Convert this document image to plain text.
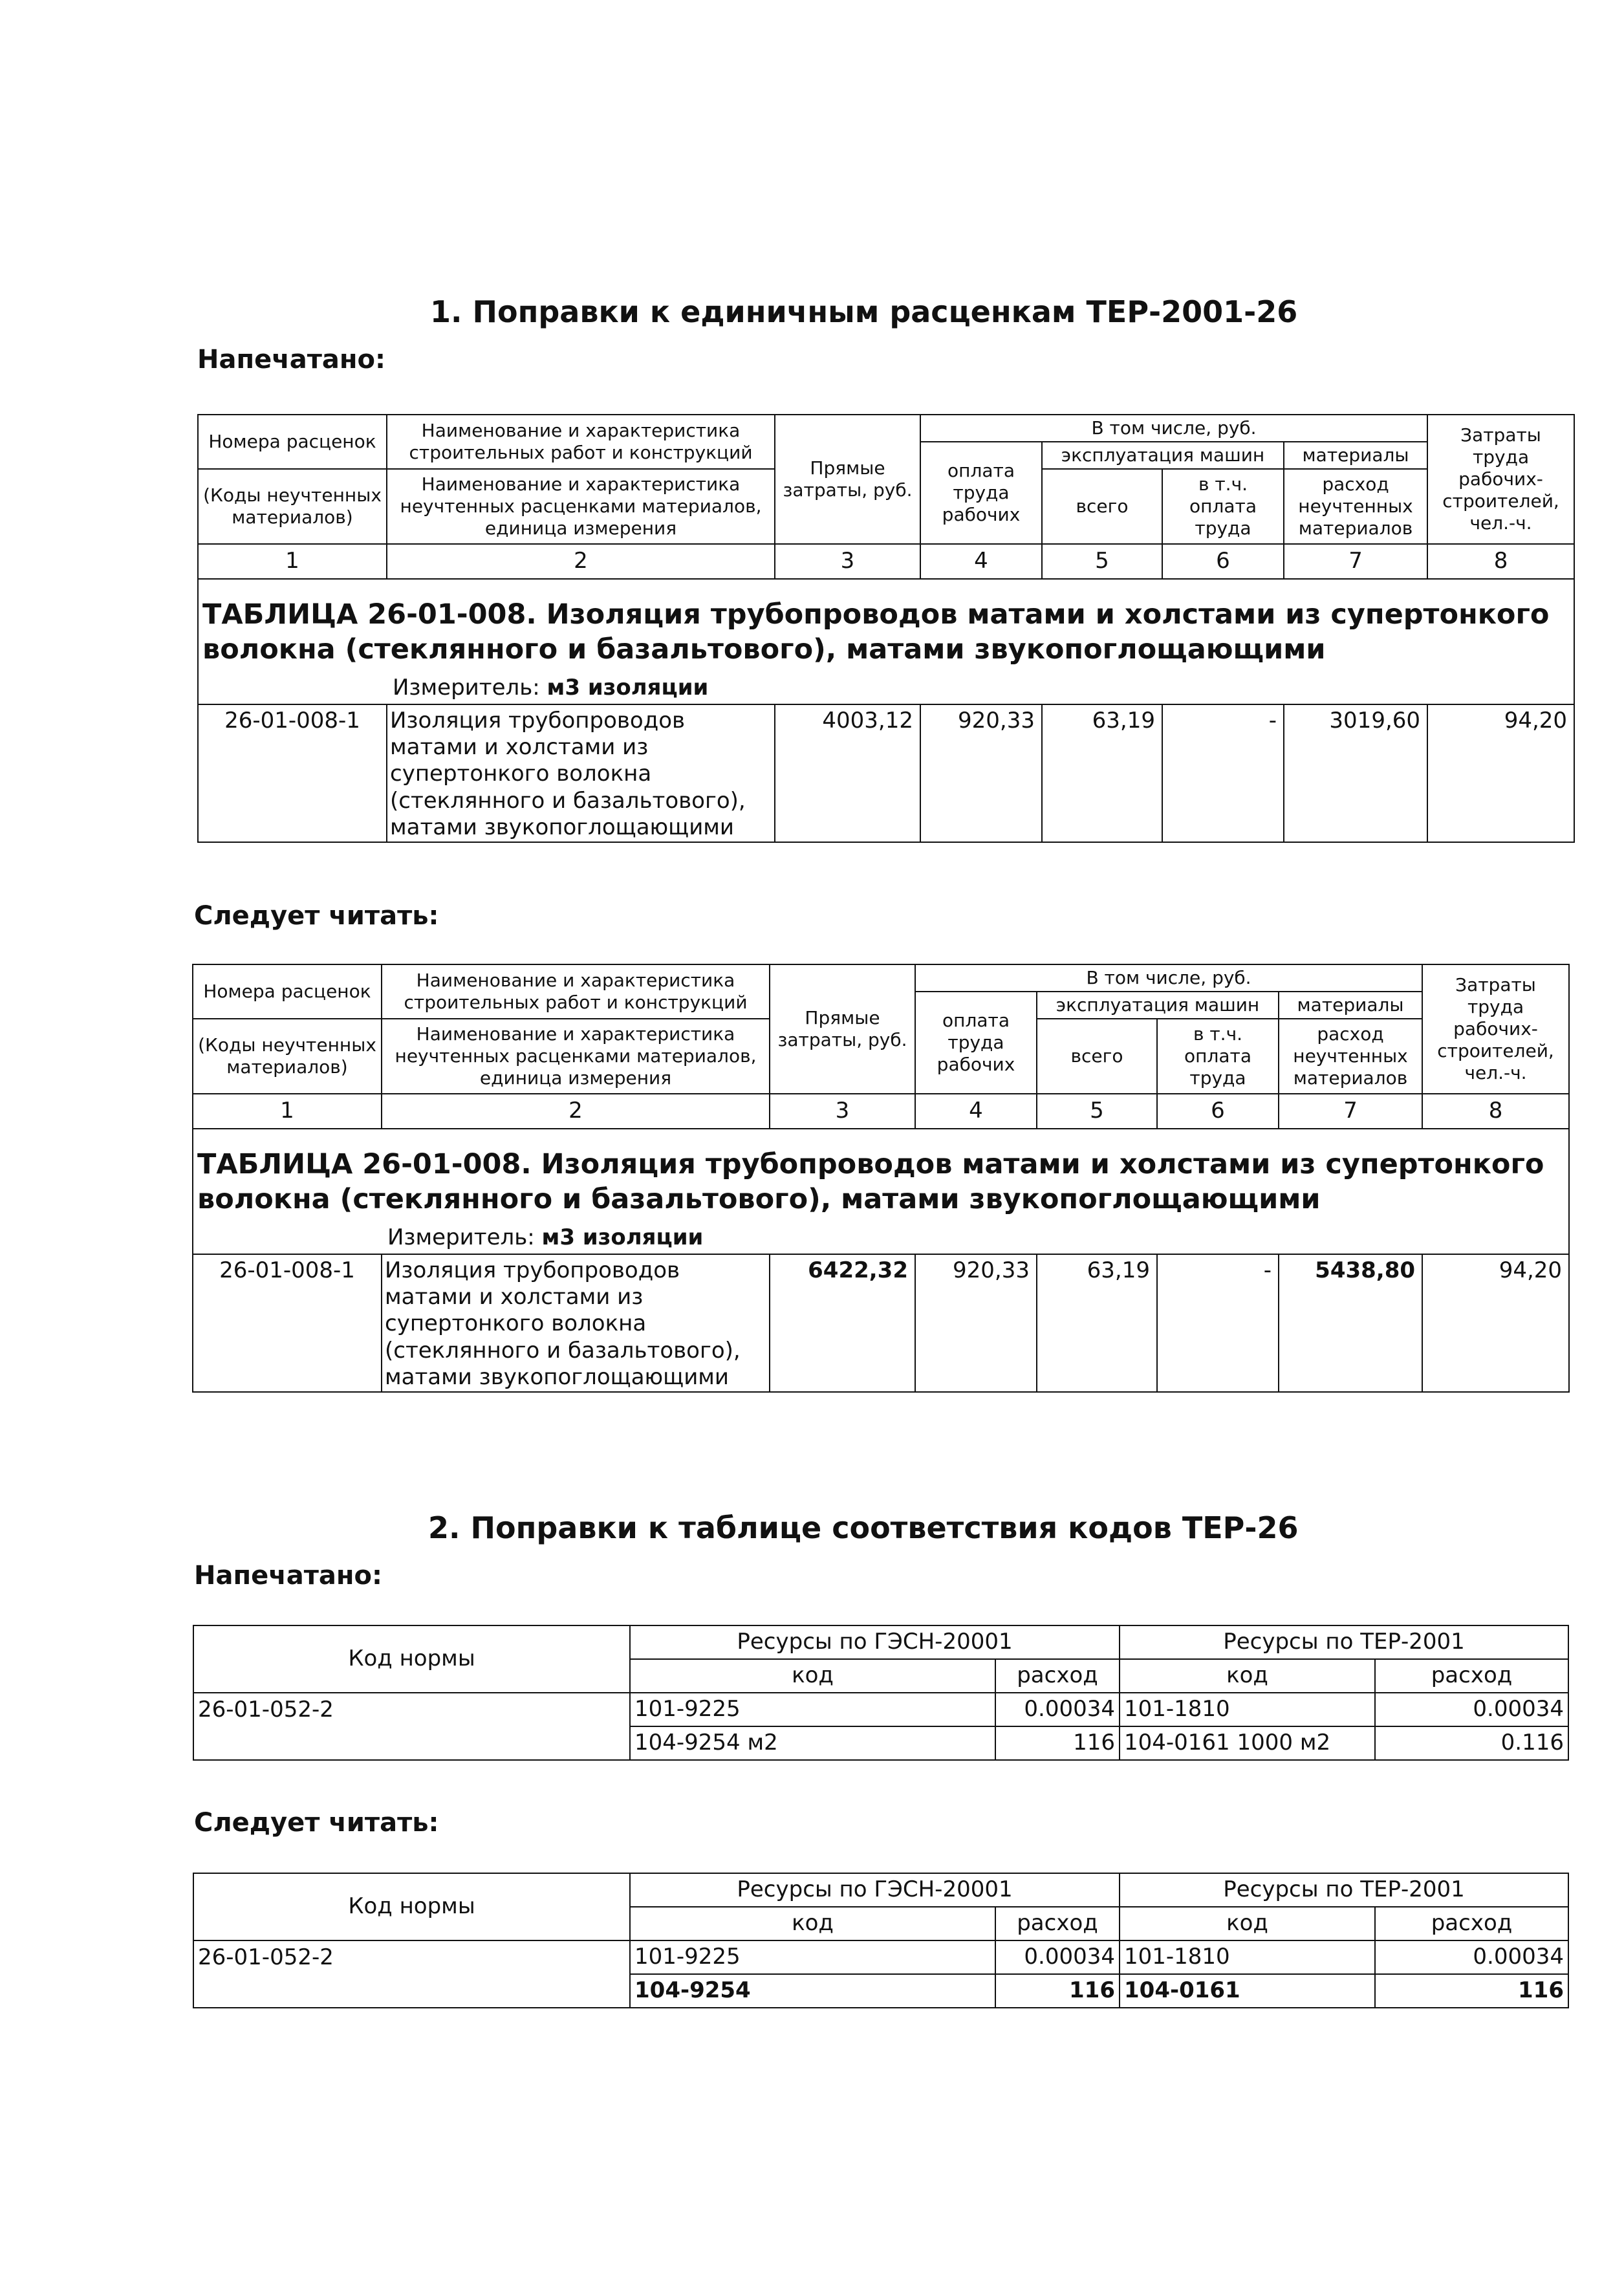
1. Поправки к единичным расценкам ТЕР-2001-26
Напечатано:
Номера расценок	Наименование и характеристика строительных работ и конструкций	Прямые затраты, руб.	В том числе, руб.				Затраты труда рабочих-строителей, чел.-ч.
			оплата труда рабочих	эксплуатация машин		материалы	
(Коды неучтенных материалов)	Наименование и характеристика неучтенных расценками материалов, единица измерения			всего	в т.ч. оплата труда	расход неучтенных материалов	

1	2	3	4	5	6	7	8
ТАБЛИЦА 26-01-008. Изоляция трубопроводов матами и холстами из супертонкого волокна (стеклянного и базальтового), матами звукопоглощающими							
Измеритель: м3 изоляции							
26-01-008-1	Изоляция трубопроводов матами и холстами из супертонкого волокна (стеклянного и базальтового), матами звукопоглощающими	4003,12	920,33	63,19	-	3019,60	94,20
Следует читать:
Номера расценок	Наименование и характеристика строительных работ и конструкций	Прямые затраты, руб.	В том числе, руб.				Затраты труда рабочих-строителей, чел.-ч.
			оплата труда рабочих	эксплуатация машин		материалы	
(Коды неучтенных материалов)	Наименование и характеристика неучтенных расценками материалов, единица измерения			всего	в т.ч. оплата труда	расход неучтенных материалов	

1	2	3	4	5	6	7	8
ТАБЛИЦА 26-01-008. Изоляция трубопроводов матами и холстами из супертонкого волокна (стеклянного и базальтового), матами звукопоглощающими							
Измеритель: м3 изоляции							
26-01-008-1	Изоляция трубопроводов матами и холстами из супертонкого волокна (стеклянного и базальтового), матами звукопоглощающими	6422,32	920,33	63,19	-	5438,80	94,20
2. Поправки к таблице соответствия кодов ТЕР-26
Напечатано:
Код нормы	Ресурсы по ГЭСН-20001		Ресурсы по ТЕР-2001	
	код	расход	код	расход
26-01-052-2	101-9225	0.00034	101-1810	0.00034
	104-9254 м2	116	104-0161 1000 м2	0.116
Следует читать:
Код нормы	Ресурсы по ГЭСН-20001		Ресурсы по ТЕР-2001	
	код	расход	код	расход
26-01-052-2	101-9225	0.00034	101-1810	0.00034
	104-9254	116	104-0161	116
